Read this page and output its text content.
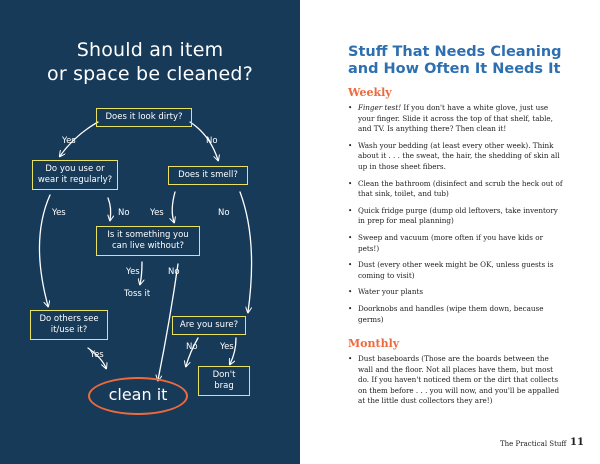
Should an item
or space be cleaned?
Does it look dirty?
Yes	No
Do you use or wear it regularly?	Does it smell?
Yes	No Yes	No
Is it something you can live without?
Yes	No
Toss it
Do others see it/use it?	Are you sure?
Yes
No	Yes
Don't brag
clean it
Stuff That Needs Cleaning
and How Often It Needs It
Weekly
• Finger test! If you don't have a white glove, just use your finger. Slide it across the top of that shelf, table, and TV. Is anything there? Then clean it!
• Wash your bedding (at least every other week). Think about it . . . the sweat, the hair, the shedding of skin all up in those sheet fibers.
• Clean the bathroom (disinfect and scrub the heck out of that sink, toilet, and tub)
• Quick fridge purge (dump old leftovers, take inventory in prep for meal planning)
• Sweep and vacuum (more often if you have kids or pets!)
• Dust (every other week might be OK, unless guests is coming to visit)
• Water your plants
• Doorknobs and handles (wipe them down, because germs)
Monthly
• Dust baseboards (Those are the boards between the wall and the floor. Not all places have them, but most do. If you haven't noticed them or the dirt that collects on them before . . . you will now, and you'll be appalled at the little dust collectors they are!)
The Practical Stuff 11
